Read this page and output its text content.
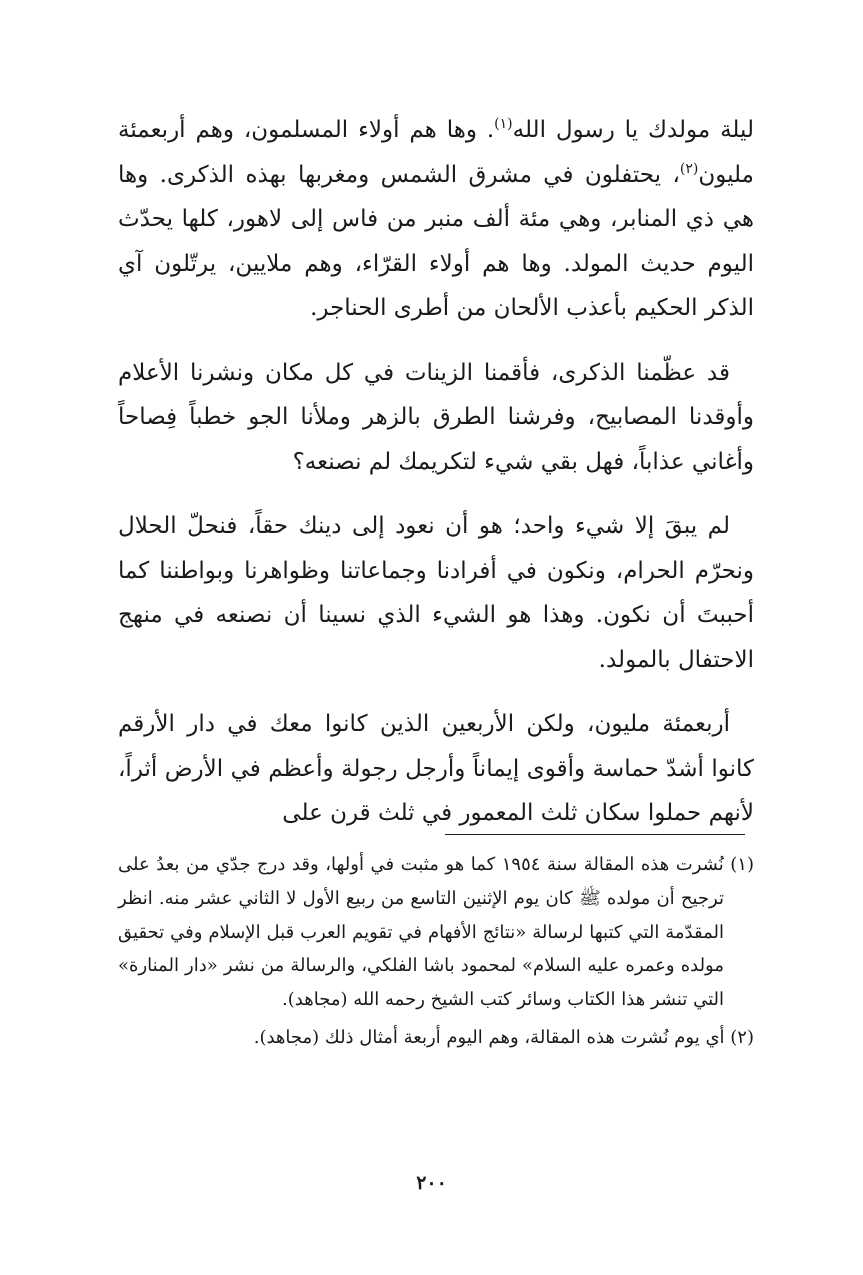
ليلة مولدك يا رسول الله$^{(١)}$. وها هم أولاء المسلمون، وهم أربعمئة مليون$^{(٢)}$، يحتفلون في مشرق الشمس ومغربها بهذه الذكرى. وها هي ذي المنابر، وهي مئة ألف منبر من فاس إلى لاهور، كلها يحدّث اليوم حديث المولد. وها هم أولاء القرّاء، وهم ملايين، يرتّلون آي الذكر الحكيم بأعذب الألحان من أطرى الحناجر.

قد عظّمنا الذكرى، فأقمنا الزينات في كل مكان ونشرنا الأعلام وأوقدنا المصابيح، وفرشنا الطرق بالزهر وملأنا الجو خطباً فِصاحاً وأغاني عذاباً، فهل بقي شيء لتكريمك لم نصنعه؟

لم يبقَ إلا شيء واحد؛ هو أن نعود إلى دينك حقاً، فنحلّ الحلال ونحرّم الحرام، ونكون في أفرادنا وجماعاتنا وظواهرنا وبواطننا كما أحببتَ أن نكون. وهذا هو الشيء الذي نسينا أن نصنعه في منهج الاحتفال بالمولد.

أربعمئة مليون، ولكن الأربعين الذين كانوا معك في دار الأرقم كانوا أشدّ حماسة وأقوى إيماناً وأرجل رجولة وأعظم في الأرض أثراً، لأنهم حملوا سكان ثلث المعمور في ثلث قرن على

(١) نُشرت هذه المقالة سنة ١٩٥٤ كما هو مثبت في أولها، وقد درج جدّي من بعدُ على ترجيح أن مولده ﷺ كان يوم الإثنين التاسع من ربيع الأول لا الثاني عشر منه. انظر المقدّمة التي كتبها لرسالة «نتائج الأفهام في تقويم العرب قبل الإسلام وفي تحقيق مولده وعمره عليه السلام» لمحمود باشا الفلكي، والرسالة من نشر «دار المنارة» التي تنشر هذا الكتاب وسائر كتب الشيخ رحمه الله (مجاهد).

(٢) أي يوم نُشرت هذه المقالة، وهم اليوم أربعة أمثال ذلك (مجاهد).

٢٠٠
